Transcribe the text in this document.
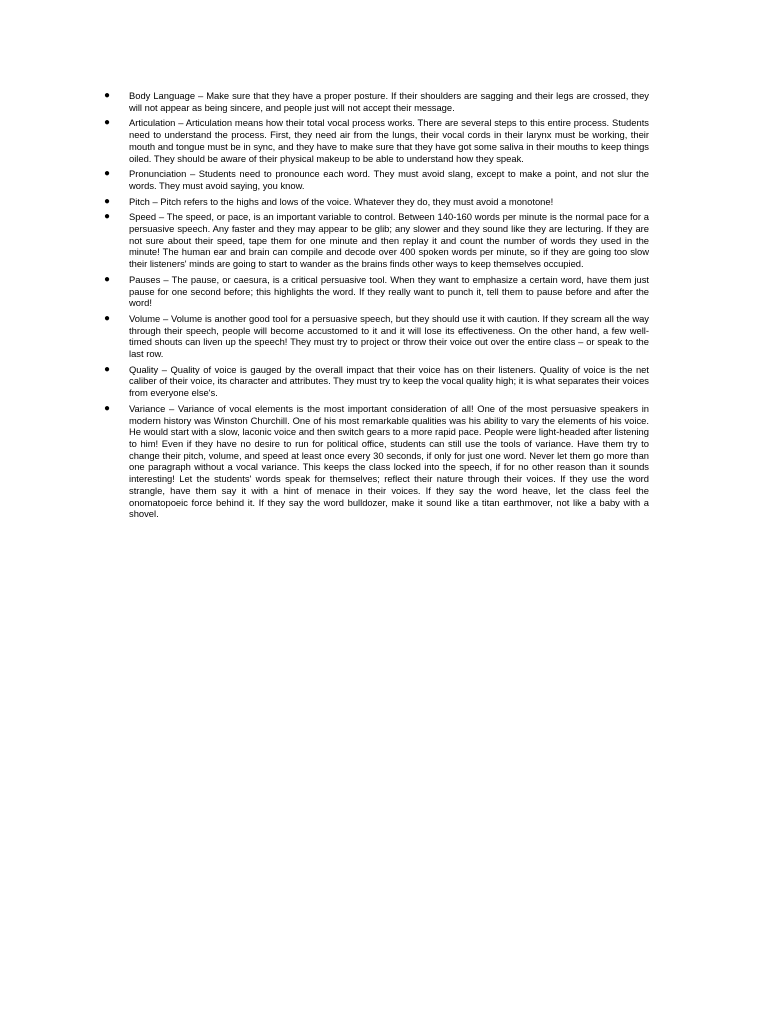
● Body Language – Make sure that they have a proper posture. If their shoulders are sagging and their legs are crossed, they will not appear as being sincere, and people just will not accept their message.
● Articulation – Articulation means how their total vocal process works. There are several steps to this entire process. Students need to understand the process. First, they need air from the lungs, their vocal cords in their larynx must be working, their mouth and tongue must be in sync, and they have to make sure that they have got some saliva in their mouths to keep things oiled. They should be aware of their physical makeup to be able to understand how they speak.
● Pronunciation – Students need to pronounce each word. They must avoid slang, except to make a point, and not slur the words. They must avoid saying, you know.
● Pitch – Pitch refers to the highs and lows of the voice. Whatever they do, they must avoid a monotone!
● Speed – The speed, or pace, is an important variable to control. Between 140-160 words per minute is the normal pace for a persuasive speech. Any faster and they may appear to be glib; any slower and they sound like they are lecturing. If they are not sure about their speed, tape them for one minute and then replay it and count the number of words they used in the minute! The human ear and brain can compile and decode over 400 spoken words per minute, so if they are going too slow their listeners' minds are going to start to wander as the brains finds other ways to keep themselves occupied.
● Pauses – The pause, or caesura, is a critical persuasive tool. When they want to emphasize a certain word, have them just pause for one second before; this highlights the word. If they really want to punch it, tell them to pause before and after the word!
● Volume – Volume is another good tool for a persuasive speech, but they should use it with caution. If they scream all the way through their speech, people will become accustomed to it and it will lose its effectiveness. On the other hand, a few well-timed shouts can liven up the speech! They must try to project or throw their voice out over the entire class – or speak to the last row.
● Quality – Quality of voice is gauged by the overall impact that their voice has on their listeners. Quality of voice is the net caliber of their voice, its character and attributes. They must try to keep the vocal quality high; it is what separates their voices from everyone else's.
● Variance – Variance of vocal elements is the most important consideration of all! One of the most persuasive speakers in modern history was Winston Churchill. One of his most remarkable qualities was his ability to vary the elements of his voice. He would start with a slow, laconic voice and then switch gears to a more rapid pace. People were light-headed after listening to him! Even if they have no desire to run for political office, students can still use the tools of variance. Have them try to change their pitch, volume, and speed at least once every 30 seconds, if only for just one word. Never let them go more than one paragraph without a vocal variance. This keeps the class locked into the speech, if for no other reason than it sounds interesting! Let the students' words speak for themselves; reflect their nature through their voices. If they use the word strangle, have them say it with a hint of menace in their voices. If they say the word heave, let the class feel the onomatopoeic force behind it. If they say the word bulldozer, make it sound like a titan earthmover, not like a baby with a shovel.
